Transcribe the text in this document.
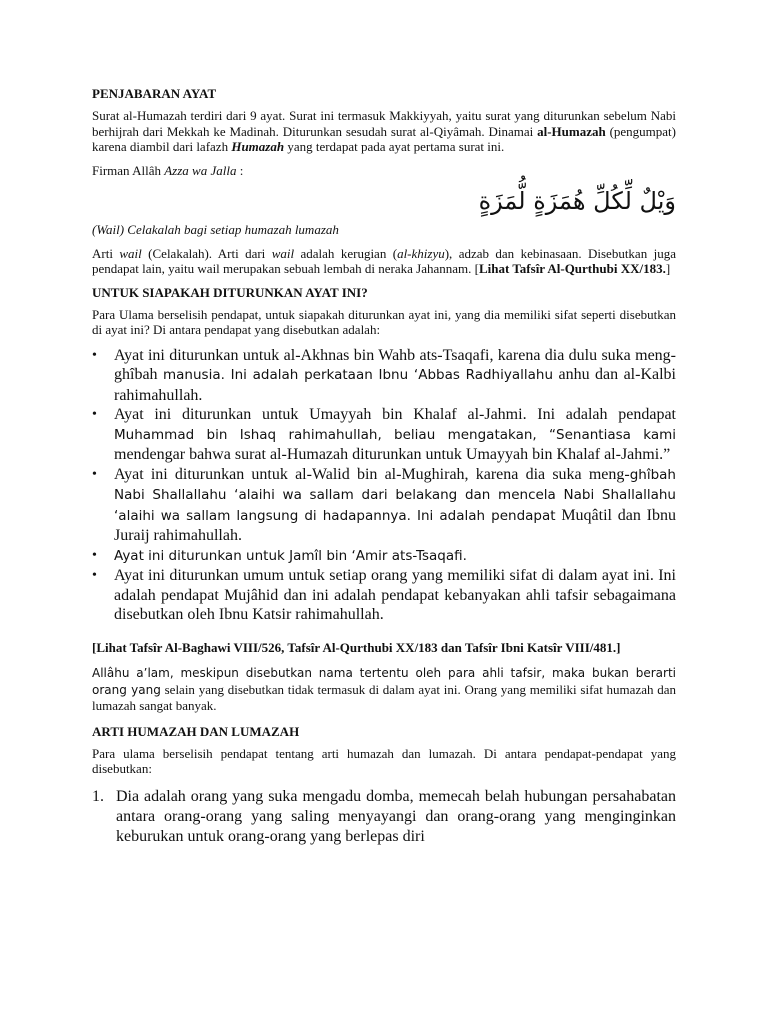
PENJABARAN AYAT

Surat al-Humazah terdiri dari 9 ayat. Surat ini termasuk Makkiyyah, yaitu surat yang diturunkan sebelum Nabi berhijrah dari Mekkah ke Madinah. Diturunkan sesudah surat al-Qiyâmah. Dinamai al-Humazah (pengumpat) karena diambil dari lafazh Humazah yang terdapat pada ayat pertama surat ini.

Firman Allâh Azza wa Jalla :

وَيْلٌ لِّكُلِّ هُمَزَةٍ لُّمَزَةٍ

(Wail) Celakalah bagi setiap humazah lumazah

Arti wail (Celakalah). Arti dari wail adalah kerugian (al-khizyu), adzab dan kebinasaan. Disebutkan juga pendapat lain, yaitu wail merupakan sebuah lembah di neraka Jahannam. [Lihat Tafsîr Al-Qurthubi XX/183.]

UNTUK SIAPAKAH DITURUNKAN AYAT INI?

Para Ulama berselisih pendapat, untuk siapakah diturunkan ayat ini, yang dia memiliki sifat seperti disebutkan di ayat ini? Di antara pendapat yang disebutkan adalah:

• Ayat ini diturunkan untuk al-Akhnas bin Wahb ats-Tsaqafi, karena dia dulu suka meng-ghîbah manusia. Ini adalah perkataan Ibnu ‘Abbas Radhiyallahu anhu dan al-Kalbi rahimahullah.
• Ayat ini diturunkan untuk Umayyah bin Khalaf al-Jahmi. Ini adalah pendapat Muhammad bin Ishaq rahimahullah, beliau mengatakan, “Senantiasa kami mendengar bahwa surat al-Humazah diturunkan untuk Umayyah bin Khalaf al-Jahmi.”
• Ayat ini diturunkan untuk al-Walid bin al-Mughirah, karena dia suka meng-ghîbah Nabi Shallallahu ‘alaihi wa sallam dari belakang dan mencela Nabi Shallallahu ‘alaihi wa sallam langsung di hadapannya. Ini adalah pendapat Muqâtil dan Ibnu Juraij rahimahullah.
• Ayat ini diturunkan untuk Jamîl bin ‘Amir ats-Tsaqafi.
• Ayat ini diturunkan umum untuk setiap orang yang memiliki sifat di dalam ayat ini. Ini adalah pendapat Mujâhid dan ini adalah pendapat kebanyakan ahli tafsir sebagaimana disebutkan oleh Ibnu Katsir rahimahullah.

[Lihat Tafsîr Al-Baghawi VIII/526, Tafsîr Al-Qurthubi XX/183 dan Tafsîr Ibni Katsîr VIII/481.]

Allâhu a’lam, meskipun disebutkan nama tertentu oleh para ahli tafsir, maka bukan berarti orang yang selain yang disebutkan tidak termasuk di dalam ayat ini. Orang yang memiliki sifat humazah dan lumazah sangat banyak.

ARTI HUMAZAH DAN LUMAZAH

Para ulama berselisih pendapat tentang arti humazah dan lumazah. Di antara pendapat-pendapat yang disebutkan:

1. Dia adalah orang yang suka mengadu domba, memecah belah hubungan persahabatan antara orang-orang yang saling menyayangi dan orang-orang yang menginginkan keburukan untuk orang-orang yang berlepas diri
